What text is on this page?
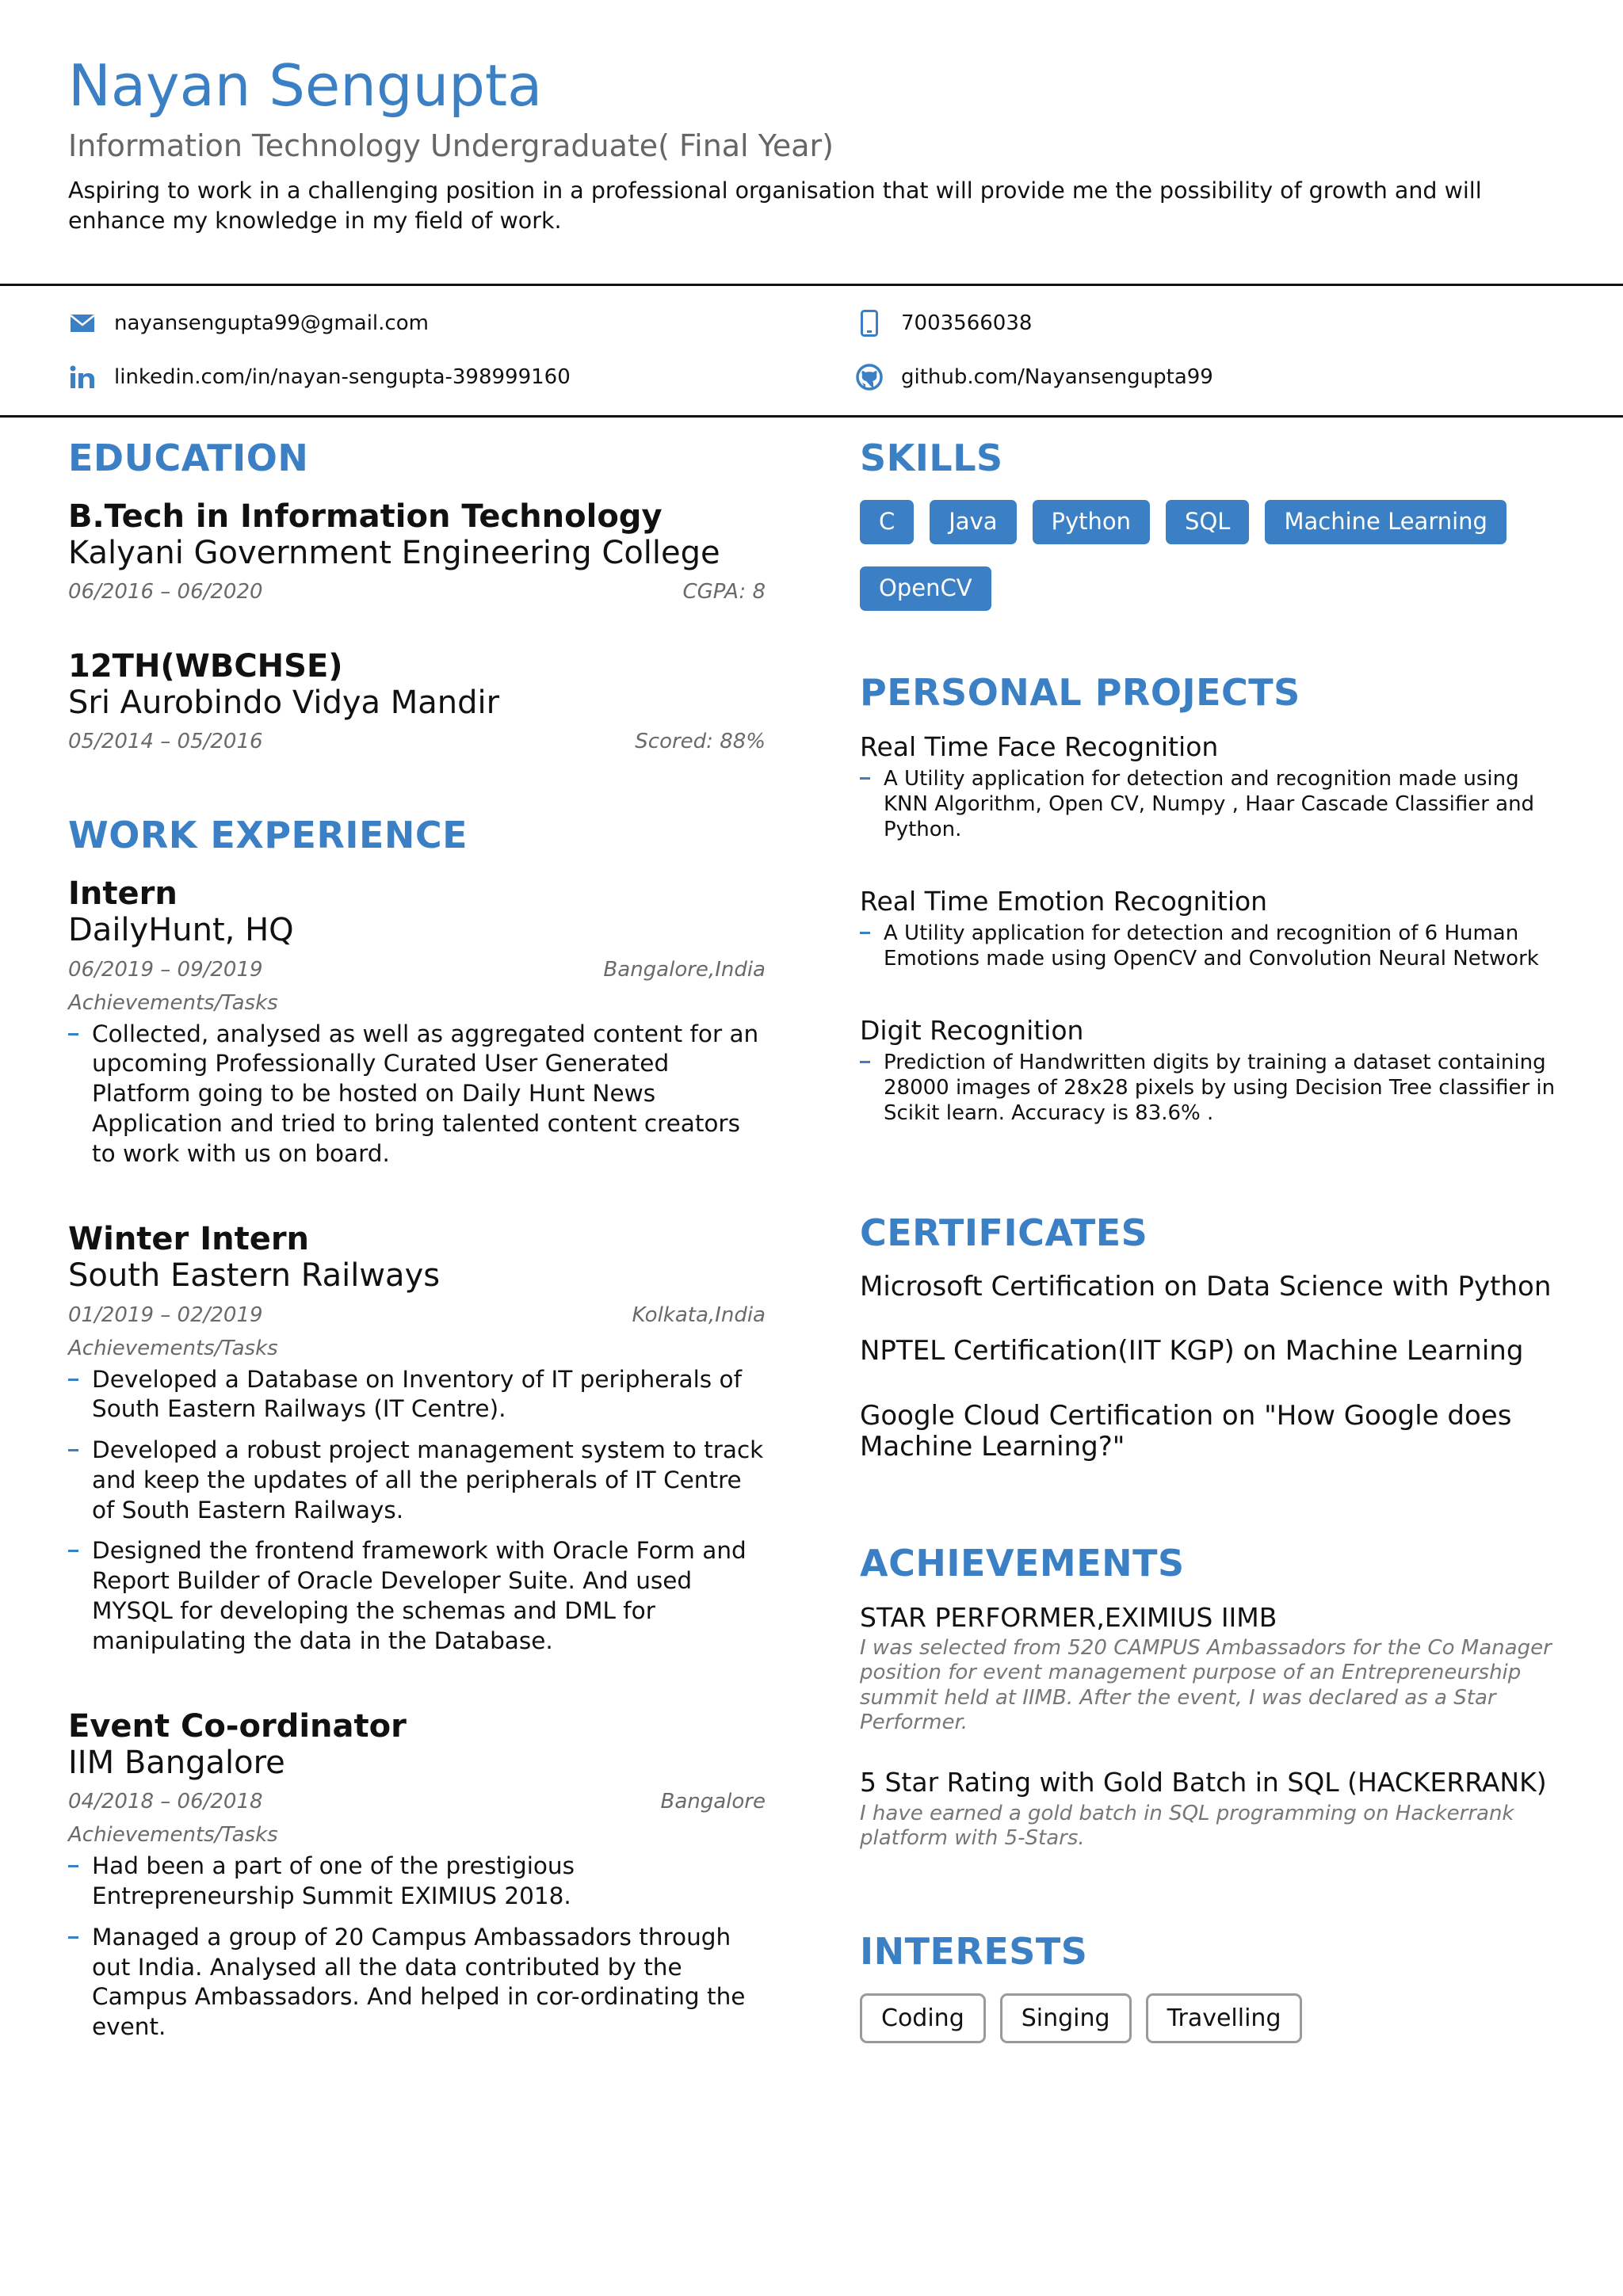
Nayan Sengupta
Information Technology Undergraduate( Final Year)
Aspiring to work in a challenging position in a professional organisation that will provide me the possibility of growth and will enhance my knowledge in my field of work.
nayansengupta99@gmail.com	7003566038
linkedin.com/in/nayan-sengupta-398999160	github.com/Nayansengupta99
EDUCATION
B.Tech in Information Technology
Kalyani Government Engineering College
06/2016 – 06/2020	CGPA: 8
12TH(WBCHSE)
Sri Aurobindo Vidya Mandir
05/2014 – 05/2016	Scored: 88%
WORK EXPERIENCE
Intern
DailyHunt, HQ
06/2019 – 09/2019	Bangalore,India
Achievements/Tasks
Collected, analysed as well as aggregated content for an upcoming Professionally Curated User Generated Platform going to be hosted on Daily Hunt News Application and tried to bring talented content creators to work with us on board.
Winter Intern
South Eastern Railways
01/2019 – 02/2019	Kolkata,India
Achievements/Tasks
Developed a Database on Inventory of IT peripherals of South Eastern Railways (IT Centre).
Developed a robust project management system to track and keep the updates of all the peripherals of IT Centre of South Eastern Railways.
Designed the frontend framework with Oracle Form and Report Builder of Oracle Developer Suite. And used MYSQL for developing the schemas and DML for manipulating the data in the Database.
Event Co-ordinator
IIM Bangalore
04/2018 – 06/2018	Bangalore
Achievements/Tasks
Had been a part of one of the prestigious Entrepreneurship Summit EXIMIUS 2018.
Managed a group of 20 Campus Ambassadors through out India. Analysed all the data contributed by the Campus Ambassadors. And helped in cor-ordinating the event.
SKILLS
C	Java	Python	SQL	Machine Learning
OpenCV
PERSONAL PROJECTS
Real Time Face Recognition
A Utility application for detection and recognition made using KNN Algorithm, Open CV, Numpy , Haar Cascade Classifier and Python.
Real Time Emotion Recognition
A Utility application for detection and recognition of 6 Human Emotions made using OpenCV and Convolution Neural Network
Digit Recognition
Prediction of Handwritten digits by training a dataset containing 28000 images of 28x28 pixels by using Decision Tree classifier in Scikit learn. Accuracy is 83.6% .
CERTIFICATES
Microsoft Certification on Data Science with Python
NPTEL Certification(IIT KGP) on Machine Learning
Google Cloud Certification on "How Google does Machine Learning?"
ACHIEVEMENTS
STAR PERFORMER,EXIMIUS IIMB
I was selected from 520 CAMPUS Ambassadors for the Co Manager position for event management purpose of an Entrepreneurship summit held at IIMB. After the event, I was declared as a Star Performer.
5 Star Rating with Gold Batch in SQL (HACKERRANK)
I have earned a gold batch in SQL programming on Hackerrank platform with 5-Stars.
INTERESTS
Coding	Singing	Travelling
